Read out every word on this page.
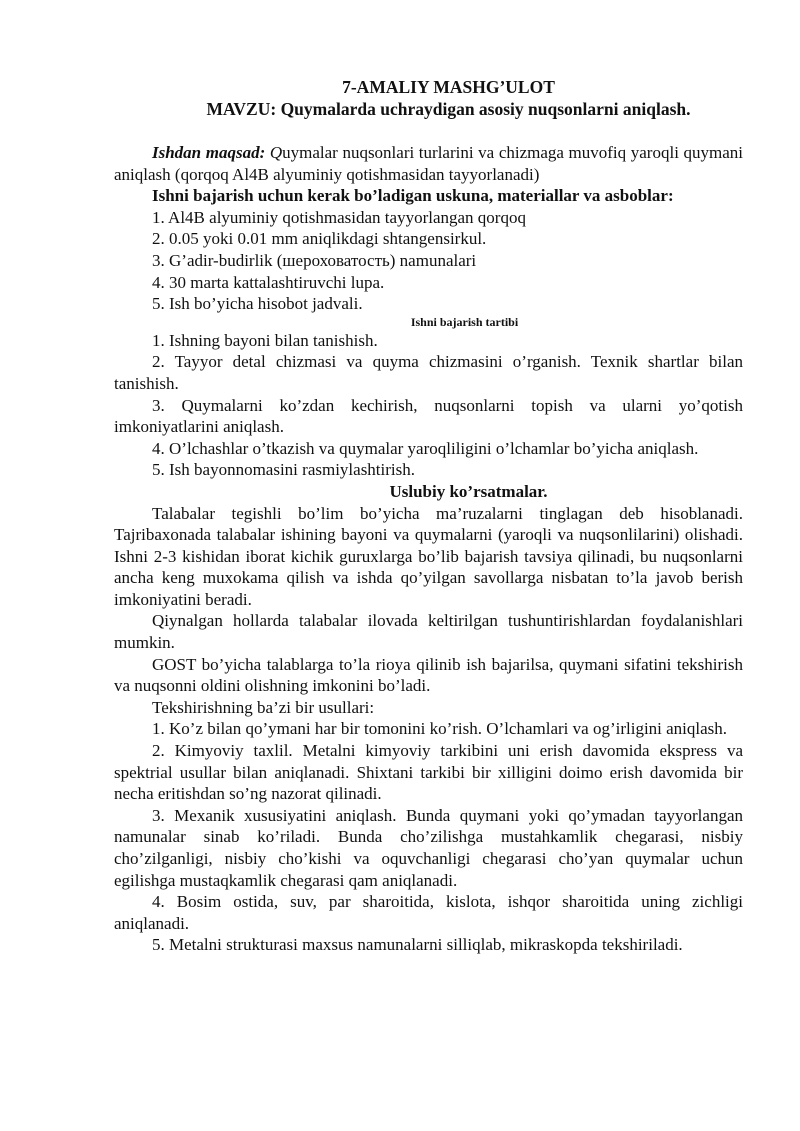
7-AMALIY MASHG’ULOT

MAVZU: Quymalarda uchraydigan asosiy nuqsonlarni aniqlash.

Ishdan maqsad: Quymalar nuqsonlari turlarini va chizmaga muvofiq yaroqli quymani aniqlash (qorqoq Al4B alyuminiy qotishmasidan tayyorlanadi)

Ishni bajarish uchun kerak bo’ladigan uskuna, materiallar va asboblar:

1. Al4B alyuminiy qotishmasidan tayyorlangan qorqoq

2. 0.05 yoki 0.01 mm aniqlikdagi shtangensirkul.

3. G’adir-budirlik (шероховатость) namunalari

4. 30 marta kattalashtiruvchi lupa.

5. Ish bo’yicha hisobot jadvali.

Ishni bajarish tartibi

1. Ishning bayoni bilan tanishish.

2. Tayyor detal chizmasi va quyma chizmasini o’rganish. Texnik shartlar bilan tanishish.

3. Quymalarni ko’zdan kechirish, nuqsonlarni topish va ularni yo’qotish imkoniyatlarini aniqlash.

4. O’lchashlar o’tkazish va quymalar yaroqliligini o’lchamlar bo’yicha aniqlash.

5. Ish bayonnomasini rasmiylashtirish.

Uslubiy ko’rsatmalar.

Talabalar tegishli bo’lim bo’yicha ma’ruzalarni tinglagan deb hisoblanadi. Tajribaxonada talabalar ishining bayoni va quymalarni (yaroqli va nuqsonlilarini) olishadi. Ishni 2-3 kishidan iborat kichik guruxlarga bo’lib bajarish tavsiya qilinadi, bu nuqsonlarni ancha keng muxokama qilish va ishda qo’yilgan savollarga nisbatan to’la javob berish imkoniyatini beradi.

Qiynalgan hollarda talabalar ilovada keltirilgan tushuntirishlardan foydalanishlari mumkin.

GOST bo’yicha talablarga to’la rioya qilinib ish bajarilsa, quymani sifatini tekshirish va nuqsonni oldini olishning imkonini bo’ladi.

Tekshirishning ba’zi bir usullari:

1. Ko’z bilan qo’ymani har bir tomonini ko’rish. O’lchamlari va og’irligini aniqlash.

2. Kimyoviy taxlil. Metalni kimyoviy tarkibini uni erish davomida ekspress va spektrial usullar bilan aniqlanadi. Shixtani tarkibi bir xilligini doimo erish davomida bir necha eritishdan so’ng nazorat qilinadi.

3. Mexanik xususiyatini aniqlash. Bunda quymani yoki qo’ymadan tayyorlangan namunalar sinab ko’riladi. Bunda cho’zilishga mustahkamlik chegarasi, nisbiy cho’zilganligi, nisbiy cho’kishi va oquvchanligi chegarasi cho’yan quymalar uchun egilishga mustaqkamlik chegarasi qam aniqlanadi.

4. Bosim ostida, suv, par sharoitida, kislota, ishqor sharoitida uning zichligi aniqlanadi.

5. Metalni strukturasi maxsus namunalarni silliqlab, mikraskopda tekshiriladi.
